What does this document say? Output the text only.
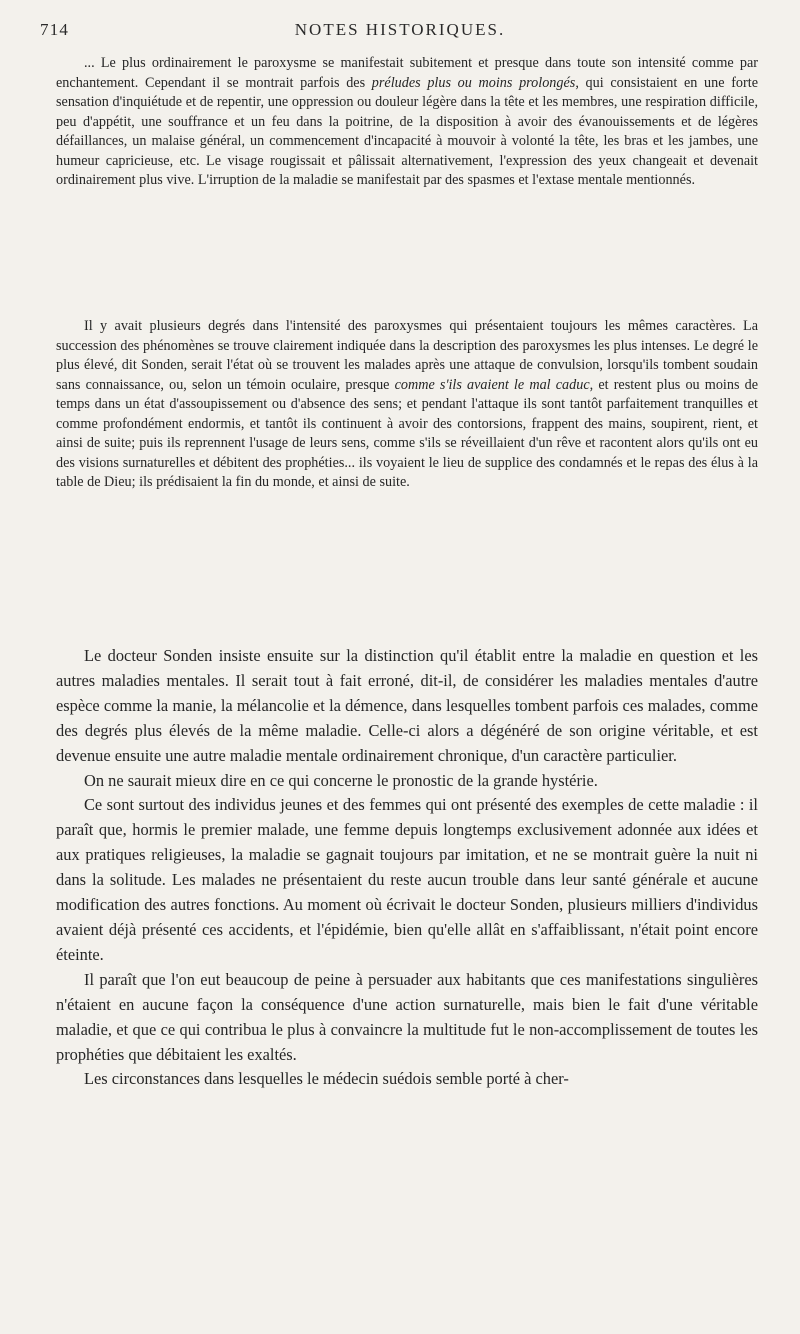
714	NOTES HISTORIQUES.

... Le plus ordinairement le paroxysme se manifestait subitement et presque dans toute son intensité comme par enchantement. Cependant il se montrait parfois des préludes plus ou moins prolongés, qui consistaient en une forte sensation d'inquiétude et de repentir, une oppression ou douleur légère dans la tête et les membres, une respiration difficile, peu d'appétit, une souffrance et un feu dans la poitrine, de la disposition à avoir des évanouissements et de légères défaillances, un malaise général, un commencement d'incapacité à mouvoir à volonté la tête, les bras et les jambes, une humeur capricieuse, etc. Le visage rougissait et pâlissait alternativement, l'expression des yeux changeait et devenait ordinairement plus vive. L'irruption de la maladie se manifestait par des spasmes et l'extase mentale mentionnés.

Il y avait plusieurs degrés dans l'intensité des paroxysmes qui présentaient toujours les mêmes caractères. La succession des phénomènes se trouve clairement indiquée dans la description des paroxysmes les plus intenses. Le degré le plus élevé, dit Sonden, serait l'état où se trouvent les malades après une attaque de convulsion, lorsqu'ils tombent soudain sans connaissance, ou, selon un témoin oculaire, presque comme s'ils avaient le mal caduc, et restent plus ou moins de temps dans un état d'assoupissement ou d'absence des sens; et pendant l'attaque ils sont tantôt parfaitement tranquilles et comme profondément endormis, et tantôt ils continuent à avoir des contorsions, frappent des mains, soupirent, rient, et ainsi de suite; puis ils reprennent l'usage de leurs sens, comme s'ils se réveillaient d'un rêve et racontent alors qu'ils ont eu des visions surnaturelles et débitent des prophéties... ils voyaient le lieu de supplice des condamnés et le repas des élus à la table de Dieu; ils prédisaient la fin du monde, et ainsi de suite.

Le docteur Sonden insiste ensuite sur la distinction qu'il établit entre la maladie en question et les autres maladies mentales. Il serait tout à fait erroné, dit-il, de considérer les maladies mentales d'autre espèce comme la manie, la mélancolie et la démence, dans lesquelles tombent parfois ces malades, comme des degrés plus élevés de la même maladie. Celle-ci alors a dégénéré de son origine véritable, et est devenue ensuite une autre maladie mentale ordinairement chronique, d'un caractère particulier.

On ne saurait mieux dire en ce qui concerne le pronostic de la grande hystérie.

Ce sont surtout des individus jeunes et des femmes qui ont présenté des exemples de cette maladie : il paraît que, hormis le premier malade, une femme depuis longtemps exclusivement adonnée aux idées et aux pratiques religieuses, la maladie se gagnait toujours par imitation, et ne se montrait guère la nuit ni dans la solitude. Les malades ne présentaient du reste aucun trouble dans leur santé générale et aucune modification des autres fonctions. Au moment où écrivait le docteur Sonden, plusieurs milliers d'individus avaient déjà présenté ces accidents, et l'épidémie, bien qu'elle allât en s'affaiblissant, n'était point encore éteinte.

Il paraît que l'on eut beaucoup de peine à persuader aux habitants que ces manifestations singulières n'étaient en aucune façon la conséquence d'une action surnaturelle, mais bien le fait d'une véritable maladie, et que ce qui contribua le plus à convaincre la multitude fut le non-accomplissement de toutes les prophéties que débitaient les exaltés.

Les circonstances dans lesquelles le médecin suédois semble porté à cher-
